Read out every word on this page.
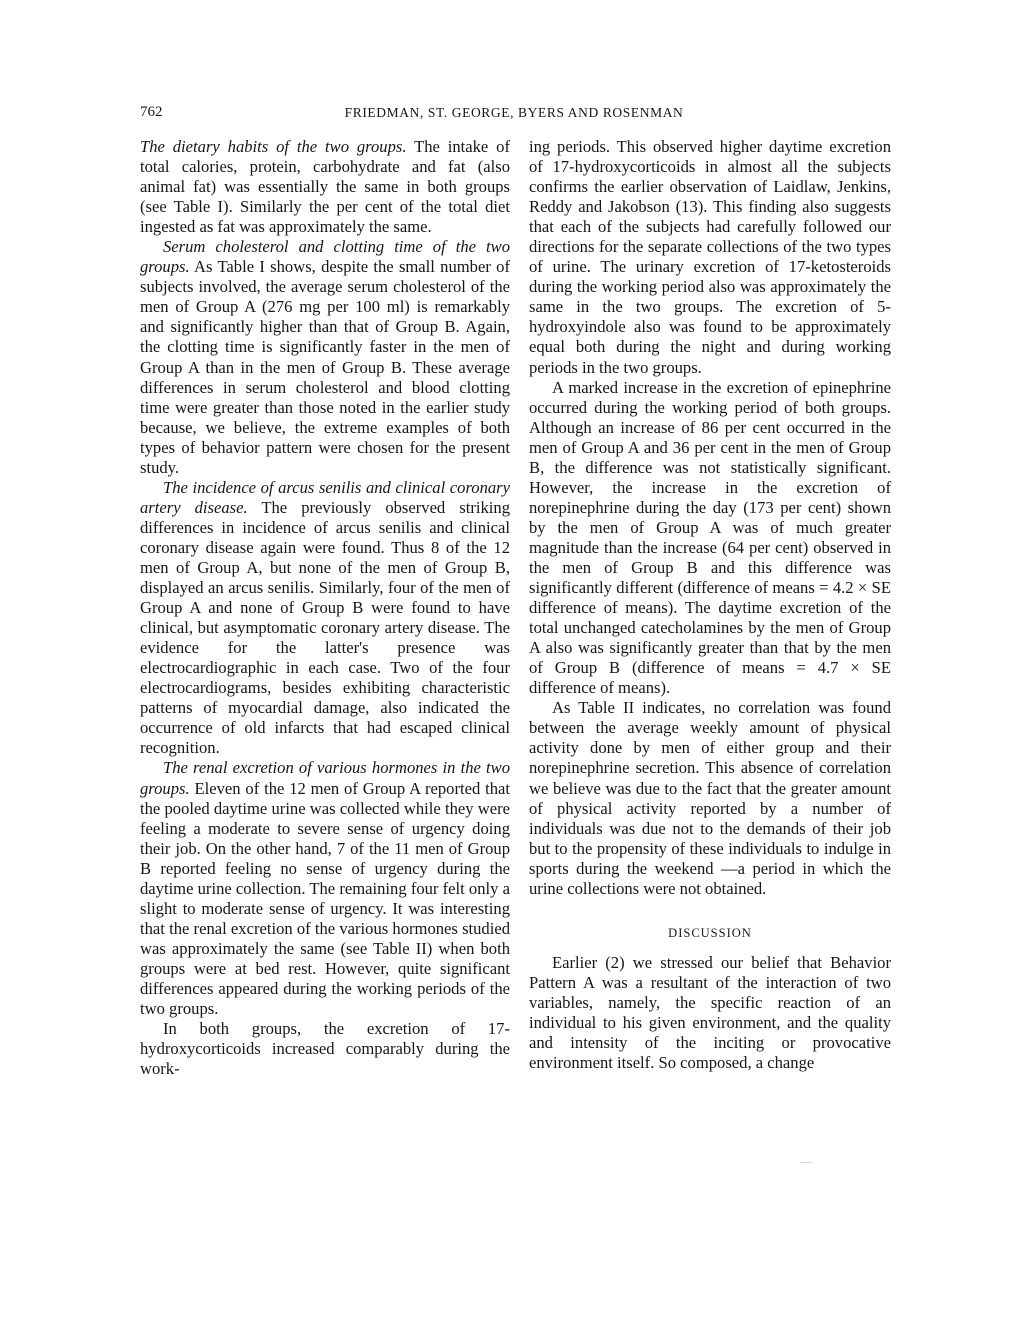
762	FRIEDMAN, ST. GEORGE, BYERS AND ROSENMAN

The dietary habits of the two groups. The intake of total calories, protein, carbohydrate and fat (also animal fat) was essentially the same in both groups (see Table I). Similarly the per cent of the total diet ingested as fat was approximately the same.

Serum cholesterol and clotting time of the two groups. As Table I shows, despite the small number of subjects involved, the average serum cholesterol of the men of Group A (276 mg per 100 ml) is remarkably and significantly higher than that of Group B. Again, the clotting time is significantly faster in the men of Group A than in the men of Group B. These average differences in serum cholesterol and blood clotting time were greater than those noted in the earlier study because, we believe, the extreme examples of both types of behavior pattern were chosen for the present study.

The incidence of arcus senilis and clinical coronary artery disease. The previously observed striking differences in incidence of arcus senilis and clinical coronary disease again were found. Thus 8 of the 12 men of Group A, but none of the men of Group B, displayed an arcus senilis. Similarly, four of the men of Group A and none of Group B were found to have clinical, but asymptomatic coronary artery disease. The evidence for the latter's presence was electrocardiographic in each case. Two of the four electrocardiograms, besides exhibiting characteristic patterns of myocardial damage, also indicated the occurrence of old infarcts that had escaped clinical recognition.

The renal excretion of various hormones in the two groups. Eleven of the 12 men of Group A reported that the pooled daytime urine was collected while they were feeling a moderate to severe sense of urgency doing their job. On the other hand, 7 of the 11 men of Group B reported feeling no sense of urgency during the daytime urine collection. The remaining four felt only a slight to moderate sense of urgency. It was interesting that the renal excretion of the various hormones studied was approximately the same (see Table II) when both groups were at bed rest. However, quite significant differences appeared during the working periods of the two groups.

In both groups, the excretion of 17-hydroxycorticoids increased comparably during the work-

ing periods. This observed higher daytime excretion of 17-hydroxycorticoids in almost all the subjects confirms the earlier observation of Laidlaw, Jenkins, Reddy and Jakobson (13). This finding also suggests that each of the subjects had carefully followed our directions for the separate collections of the two types of urine. The urinary excretion of 17-ketosteroids during the working period also was approximately the same in the two groups. The excretion of 5-hydroxyindole also was found to be approximately equal both during the night and during working periods in the two groups.

A marked increase in the excretion of epinephrine occurred during the working period of both groups. Although an increase of 86 per cent occurred in the men of Group A and 36 per cent in the men of Group B, the difference was not statistically significant. However, the increase in the excretion of norepinephrine during the day (173 per cent) shown by the men of Group A was of much greater magnitude than the increase (64 per cent) observed in the men of Group B and this difference was significantly different (difference of means = 4.2 × SE difference of means). The daytime excretion of the total unchanged catecholamines by the men of Group A also was significantly greater than that by the men of Group B (difference of means = 4.7 × SE difference of means).

As Table II indicates, no correlation was found between the average weekly amount of physical activity done by men of either group and their norepinephrine secretion. This absence of correlation we believe was due to the fact that the greater amount of physical activity reported by a number of individuals was due not to the demands of their job but to the propensity of these individuals to indulge in sports during the weekend —a period in which the urine collections were not obtained.

DISCUSSION

Earlier (2) we stressed our belief that Behavior Pattern A was a resultant of the interaction of two variables, namely, the specific reaction of an individual to his given environment, and the quality and intensity of the inciting or provocative environment itself. So composed, a change
